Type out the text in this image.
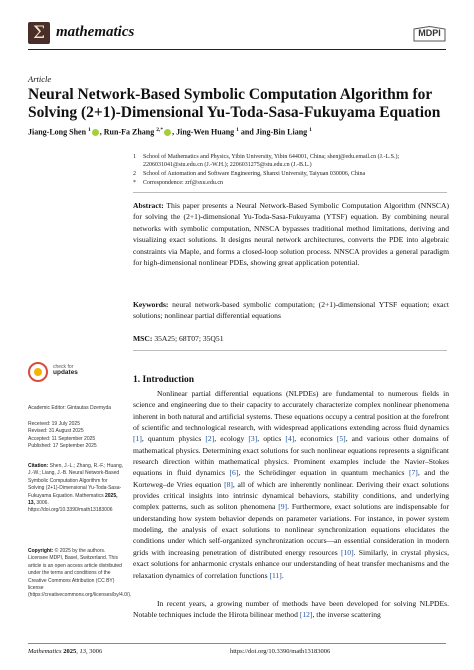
Σ mathematics	MDPI
Article
Neural Network-Based Symbolic Computation Algorithm for Solving (2+1)-Dimensional Yu-Toda-Sasa-Fukuyama Equation
Jiang-Long Shen $^1$ , Run-Fa Zhang $^{2,*}$ , Jing-Wen Huang $^1$ and Jing-Bin Liang $^1$
1	School of Mathematics and Physics, Yibin University, Yibin 644001, China; shenj@edu.email.cn (J.-L.S.); 2206031041@stu.edu.cn (J.-W.H.); 2206031275@stu.edu.cn (J.-B.L.)
2	School of Automation and Software Engineering, Shanxi University, Taiyuan 030006, China
*	Correspondence: zrf@sxu.edu.cn
Abstract: This paper presents a Neural Network-Based Symbolic Computation Algorithm (NNSCA) for solving the (2+1)-dimensional Yu-Toda-Sasa-Fukuyama (YTSF) equation. By combining neural networks with symbolic computation, NNSCA bypasses traditional method limitations, deriving and visualizing exact solutions. It designs neural network architectures, converts the PDE into algebraic constraints via Maple, and forms a closed-loop solution process. NNSCA provides a general paradigm for high-dimensional nonlinear PDEs, showing great application potential.
Keywords: neural network-based symbolic computation; (2+1)-dimensional YTSF equation; exact solutions; nonlinear partial differential equations
MSC: 35A25; 68T07; 35Q51
check for
updates
Academic Editor: Gintautas Dzemyda
Received: 19 July 2025
Revised: 31 August 2025
Accepted: 11 September 2025
Published: 17 September 2025
Citation: Shen, J.-L.; Zhang, R.-F.; Huang, J.-W.; Liang, J.-B. Neural Network-Based Symbolic Computation Algorithm for Solving (2+1)-Dimensional Yu-Toda-Sasa-Fukuyama Equation. Mathematics 2025, 13, 3006. https://doi.org/10.3390/math13183006
Copyright: © 2025 by the authors. Licensee MDPI, Basel, Switzerland. This article is an open access article distributed under the terms and conditions of the Creative Commons Attribution (CC BY) license (https://creativecommons.org/licenses/by/4.0/).
1. Introduction
Nonlinear partial differential equations (NLPDEs) are fundamental to numerous fields in science and engineering due to their capacity to accurately characterize complex nonlinear phenomena inherent in both natural and artificial systems. These equations occupy a central position at the forefront of scientific and technological research, with widespread applications extending across fluid dynamics [1], quantum physics [2], ecology [3], optics [4], economics [5], and various other domains of mathematical physics. Determining exact solutions for such nonlinear equations represents a significant research direction within mathematical physics. Prominent examples include the Navier–Stokes equations in fluid dynamics [6], the Schrödinger equation in quantum mechanics [7], and the Korteweg–de Vries equation [8], all of which are inherently nonlinear. Deriving their exact solutions provides critical insights into intrinsic dynamical behaviors, stability conditions, and underlying complex patterns, such as soliton phenomena [9]. Furthermore, exact solutions are indispensable for understanding how system behavior depends on parameter variations. For instance, in power system modeling, the analysis of exact solutions to nonlinear synchronization equations elucidates the conditions under which self-organized synchronization occurs—an essential consideration in modern grids with increasing penetration of distributed energy resources [10]. Similarly, in crystal physics, exact solutions for anharmonic crystals enhance our understanding of heat transfer mechanisms and the relaxation dynamics of correlation functions [11].
In recent years, a growing number of methods have been developed for solving NLPDEs. Notable techniques include the Hirota bilinear method [12], the inverse scattering
Mathematics 2025, 13, 3006	https://doi.org/10.3390/math13183006
